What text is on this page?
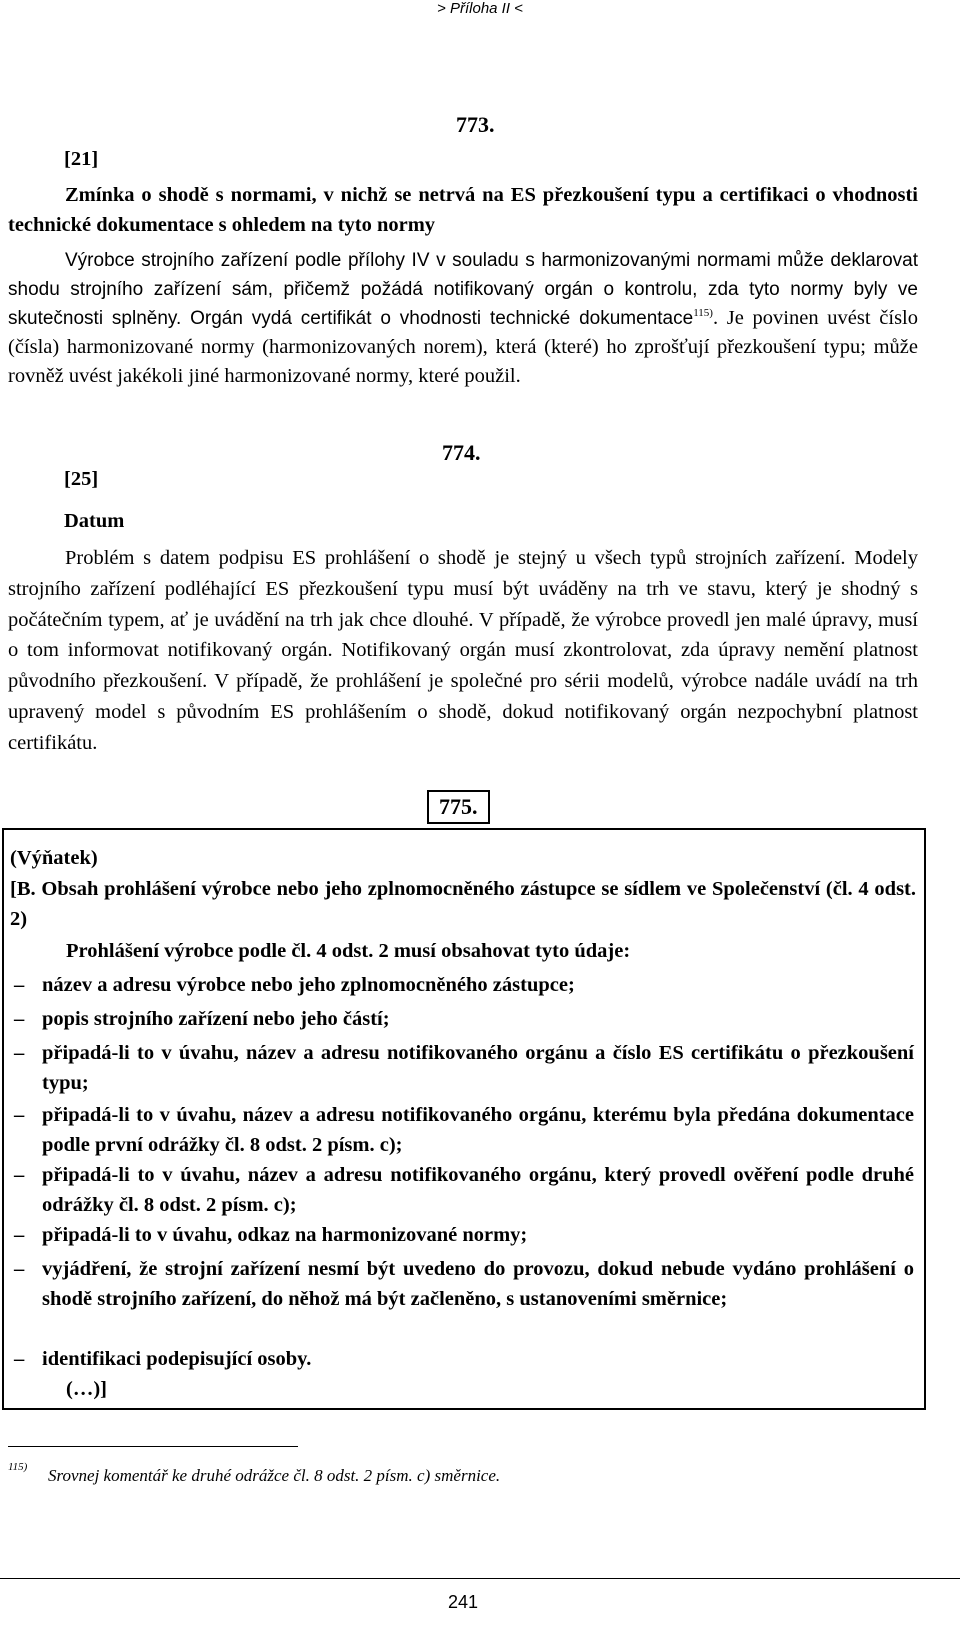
> Příloha II <
773.
[21]
Zmínka o shodě s normami, v nichž se netrvá na ES přezkoušení typu a certifikaci o vhodnosti technické dokumentace s ohledem na tyto normy
Výrobce strojního zařízení podle přílohy IV v souladu s harmonizovanými normami může deklarovat shodu strojního zařízení sám, přičemž požádá notifikovaný orgán o kontrolu, zda tyto normy byly ve skutečnosti splněny. Orgán vydá certifikát o vhodnosti technické dokumentace$^{115)}$. Je povinen uvést číslo (čísla) harmonizované normy (harmonizovaných norem), která (které) ho zprošťují přezkoušení typu; může rovněž uvést jakékoli jiné harmonizované normy, které použil.
774.
[25]
Datum
Problém s datem podpisu ES prohlášení o shodě je stejný u všech typů strojních zařízení. Modely strojního zařízení podléhající ES přezkoušení typu musí být uváděny na trh ve stavu, který je shodný s počátečním typem, ať je uvádění na trh jak chce dlouhé. V případě, že výrobce provedl jen malé úpravy, musí o tom informovat notifikovaný orgán. Notifikovaný orgán musí zkontrolovat, zda úpravy nemění platnost původního přezkoušení. V případě, že prohlášení je společné pro sérii modelů, výrobce nadále uvádí na trh upravený model s původním ES prohlášením o shodě, dokud notifikovaný orgán nezpochybní platnost certifikátu.
775.
(Výňatek)
[B. Obsah prohlášení výrobce nebo jeho zplnomocněného zástupce se sídlem ve Společenství (čl. 4 odst. 2)
Prohlášení výrobce podle čl. 4 odst. 2 musí obsahovat tyto údaje:
– název a adresu výrobce nebo jeho zplnomocněného zástupce;
– popis strojního zařízení nebo jeho částí;
– připadá-li to v úvahu, název a adresu notifikovaného orgánu a číslo ES certifikátu o přezkoušení typu;
– připadá-li to v úvahu, název a adresu notifikovaného orgánu, kterému byla předána dokumentace podle první odrážky čl. 8 odst. 2 písm. c);
– připadá-li to v úvahu, název a adresu notifikovaného orgánu, který provedl ověření podle druhé odrážky čl. 8 odst. 2 písm. c);
– připadá-li to v úvahu, odkaz na harmonizované normy;
– vyjádření, že strojní zařízení nesmí být uvedeno do provozu, dokud nebude vydáno prohlášení o shodě strojního zařízení, do něhož má být začleněno, s ustanoveními směrnice;
– identifikaci podepisující osoby.
(…)]
115) Srovnej komentář ke druhé odrážce čl. 8 odst. 2 písm. c) směrnice.
241
